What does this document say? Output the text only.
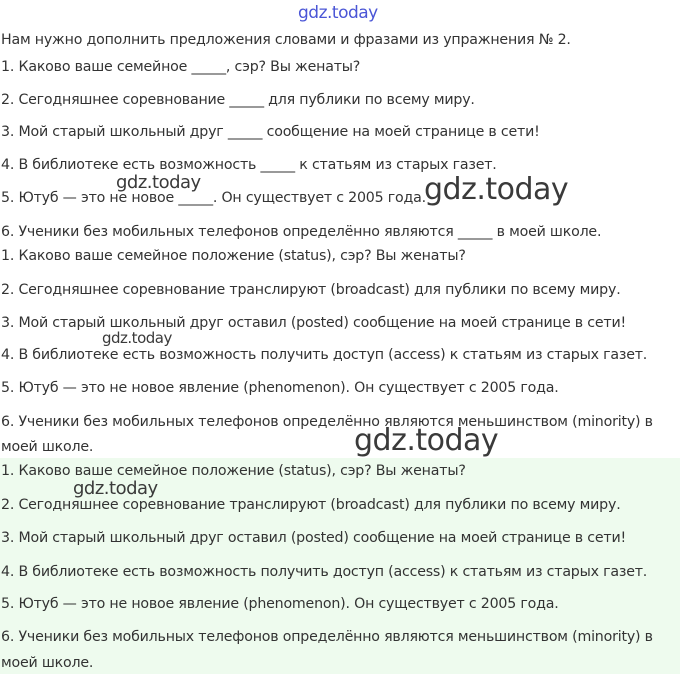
gdz.today
Нам нужно дополнить предложения словами и фразами из упражнения № 2.
1. Каково ваше семейное _____, сэр? Вы женаты?
2. Сегодняшнее соревнование _____ для публики по всему миру.
3. Мой старый школьный друг _____ сообщение на моей странице в сети!
4. В библиотеке есть возможность _____ к статьям из старых газет.
5. Ютуб — это не новое _____. Он существует с 2005 года.
6. Ученики без мобильных телефонов определённо являются _____ в моей школе.
1. Каково ваше семейное положение (status), сэр? Вы женаты?
2. Сегодняшнее соревнование транслируют (broadcast) для публики по всему миру.
3. Мой старый школьный друг оставил (posted) сообщение на моей странице в сети!
4. В библиотеке есть возможность получить доступ (access) к статьям из старых газет.
5. Ютуб — это не новое явление (phenomenon). Он существует с 2005 года.
6. Ученики без мобильных телефонов определённо являются меньшинством (minority) в
моей школе.
1. Каково ваше семейное положение (status), сэр? Вы женаты?
2. Сегодняшнее соревнование транслируют (broadcast) для публики по всему миру.
3. Мой старый школьный друг оставил (posted) сообщение на моей странице в сети!
4. В библиотеке есть возможность получить доступ (access) к статьям из старых газет.
5. Ютуб — это не новое явление (phenomenon). Он существует с 2005 года.
6. Ученики без мобильных телефонов определённо являются меньшинством (minority) в
моей школе.
gdz.today	gdz.today
gdz.today
gdz.today
gdz.today
